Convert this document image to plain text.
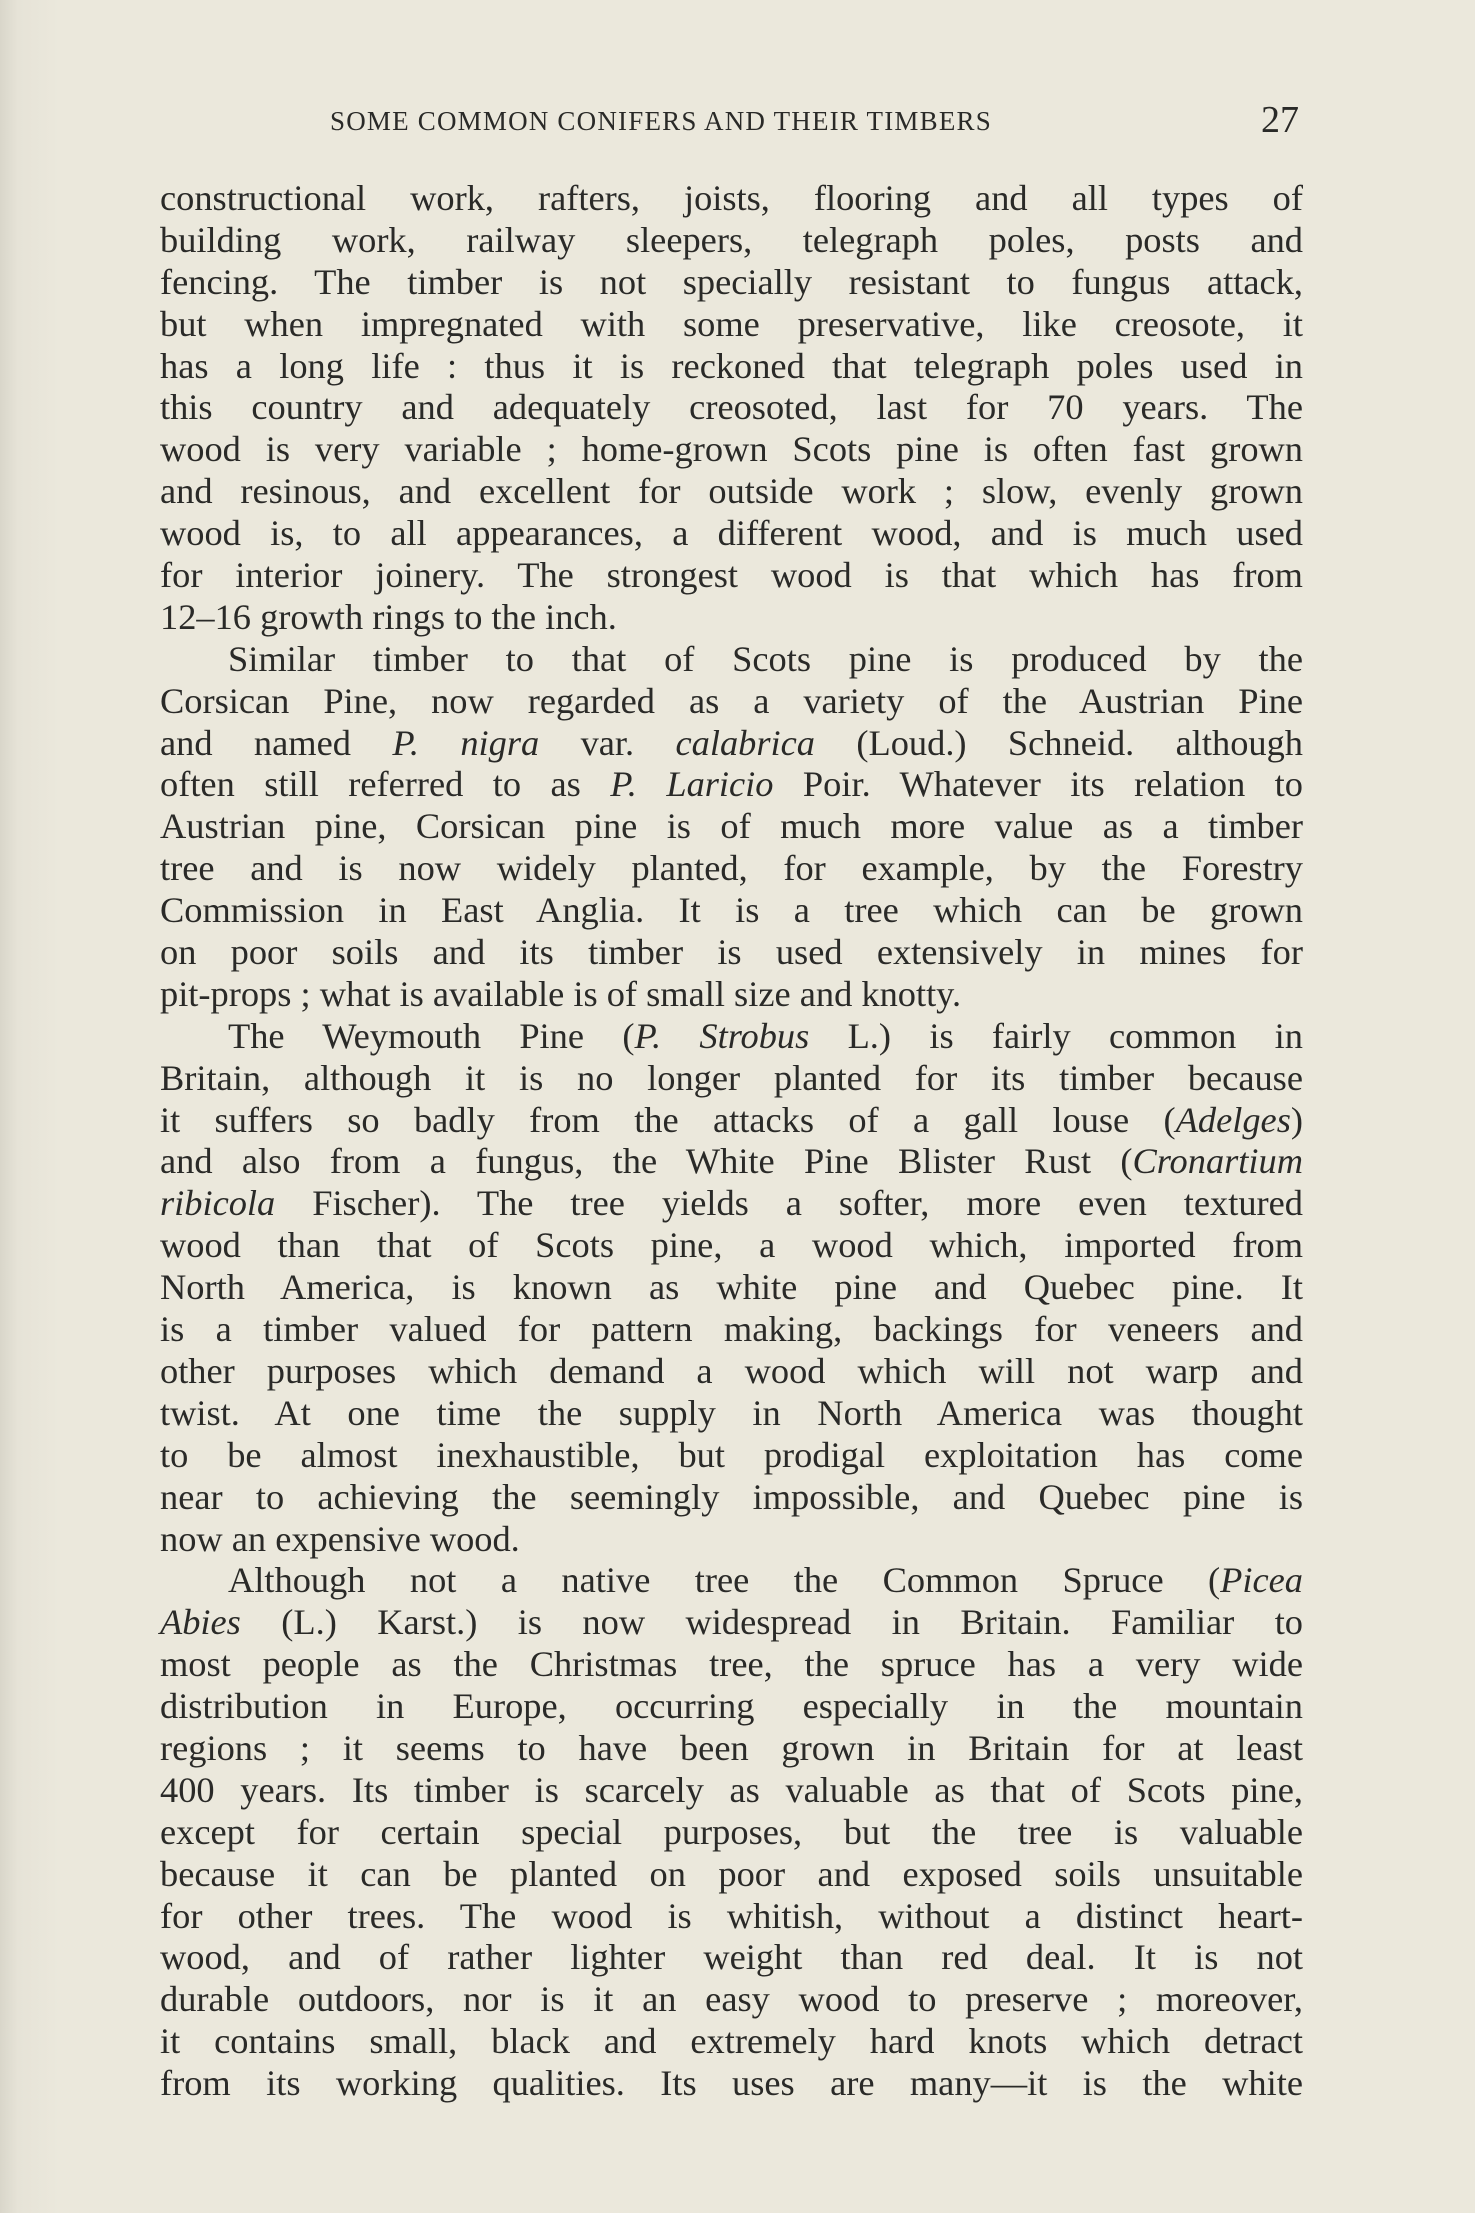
SOME COMMON CONIFERS AND THEIR TIMBERS	27
constructional work, rafters, joists, flooring and all types of
building work, railway sleepers, telegraph poles, posts and
fencing. The timber is not specially resistant to fungus attack,
but when impregnated with some preservative, like creosote, it
has a long life : thus it is reckoned that telegraph poles used in
this country and adequately creosoted, last for 70 years. The
wood is very variable ; home-grown Scots pine is often fast grown
and resinous, and excellent for outside work ; slow, evenly grown
wood is, to all appearances, a different wood, and is much used
for interior joinery. The strongest wood is that which has from
12–16 growth rings to the inch.
Similar timber to that of Scots pine is produced by the
Corsican Pine, now regarded as a variety of the Austrian Pine
and named P. nigra var. calabrica (Loud.) Schneid. although
often still referred to as P. Laricio Poir. Whatever its relation to
Austrian pine, Corsican pine is of much more value as a timber
tree and is now widely planted, for example, by the Forestry
Commission in East Anglia. It is a tree which can be grown
on poor soils and its timber is used extensively in mines for
pit-props ; what is available is of small size and knotty.
The Weymouth Pine (P. Strobus L.) is fairly common in
Britain, although it is no longer planted for its timber because
it suffers so badly from the attacks of a gall louse (Adelges)
and also from a fungus, the White Pine Blister Rust (Cronartium
ribicola Fischer). The tree yields a softer, more even textured
wood than that of Scots pine, a wood which, imported from
North America, is known as white pine and Quebec pine. It
is a timber valued for pattern making, backings for veneers and
other purposes which demand a wood which will not warp and
twist. At one time the supply in North America was thought
to be almost inexhaustible, but prodigal exploitation has come
near to achieving the seemingly impossible, and Quebec pine is
now an expensive wood.
Although not a native tree the Common Spruce (Picea
Abies (L.) Karst.) is now widespread in Britain. Familiar to
most people as the Christmas tree, the spruce has a very wide
distribution in Europe, occurring especially in the mountain
regions ; it seems to have been grown in Britain for at least
400 years. Its timber is scarcely as valuable as that of Scots pine,
except for certain special purposes, but the tree is valuable
because it can be planted on poor and exposed soils unsuitable
for other trees. The wood is whitish, without a distinct heart-
wood, and of rather lighter weight than red deal. It is not
durable outdoors, nor is it an easy wood to preserve ; moreover,
it contains small, black and extremely hard knots which detract
from its working qualities. Its uses are many—it is the white
